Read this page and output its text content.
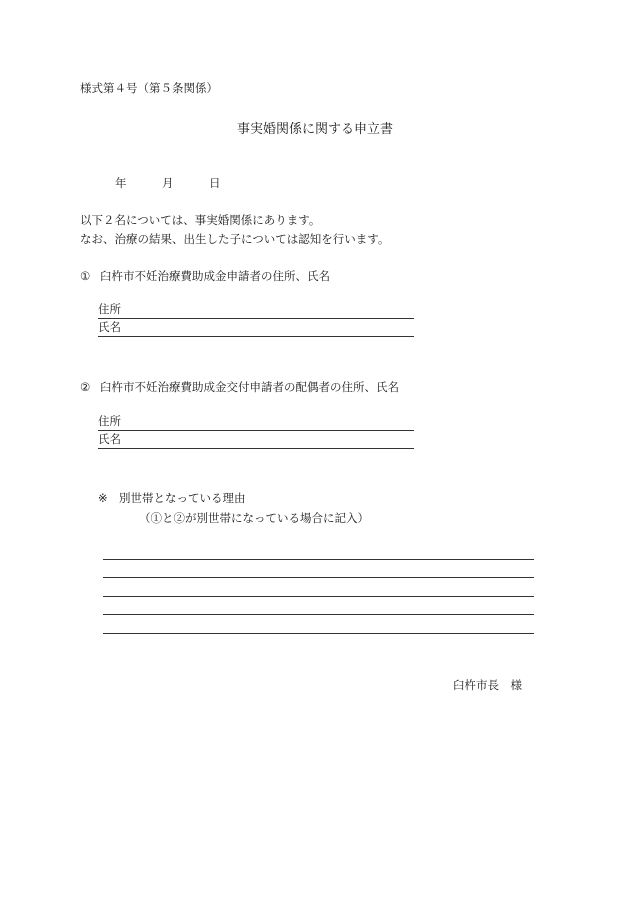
様式第４号（第５条関係）
事実婚関係に関する申立書
年	月	日
以下２名については、事実婚関係にあります。
なお、治療の結果、出生した子については認知を行います。
① 臼杵市不妊治療費助成金申請者の住所、氏名
住所
氏名
② 臼杵市不妊治療費助成金交付申請者の配偶者の住所、氏名
住所
氏名
※ 別世帯となっている理由
（①と②が別世帯になっている場合に記入）
臼杵市長　様
